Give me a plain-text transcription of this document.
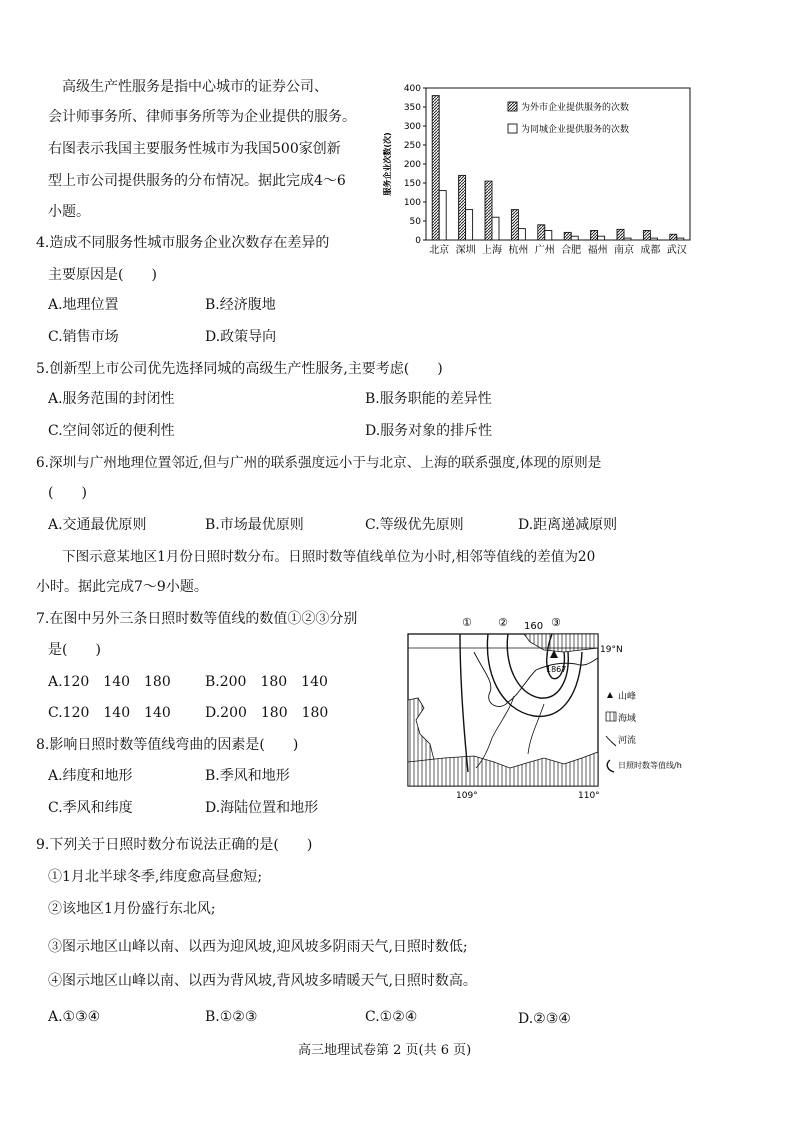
高级生产性服务是指中心城市的证券公司、
会计师事务所、律师事务所等为企业提供的服务。
右图表示我国主要服务性城市为我国500家创新
型上市公司提供服务的分布情况。据此完成4～6
小题。
0
50
100
150
200
250
300
350
400
服务企业次数(次)
北京 深圳 上海 杭州 广州 合肥 福州 南京 成都 武汉
为外市企业提供服务的次数
为同城企业提供服务的次数
4.造成不同服务性城市服务企业次数存在差异的
主要原因是(　　)
A.地理位置	B.经济腹地
C.销售市场	D.政策导向
5.创新型上市公司优先选择同城的高级生产性服务,主要考虑(　　)
A.服务范围的封闭性	B.服务职能的差异性
C.空间邻近的便利性	D.服务对象的排斥性
6.深圳与广州地理位置邻近,但与广州的联系强度远小于与北京、上海的联系强度,体现的原则是
(　　)
A.交通最优原则	B.市场最优原则	C.等级优先原则	D.距离递减原则
下图示意某地区1月份日照时数分布。日照时数等值线单位为小时,相邻等值线的差值为20
小时。据此完成7～9小题。
7.在图中另外三条日照时数等值线的数值①②③分别
是(　　)
A.120　140　180 B.200　180　140
C.120　140　140 D.200　180　180
1867
① ② 160 ③
19°N
109°	110°
山峰
海域
河流
日照时数等值线/h
8.影响日照时数等值线弯曲的因素是(　　)
A.纬度和地形	B.季风和地形
C.季风和纬度	D.海陆位置和地形
9.下列关于日照时数分布说法正确的是(　　)
①1月北半球冬季,纬度愈高昼愈短;
②该地区1月份盛行东北风;
③图示地区山峰以南、以西为迎风坡,迎风坡多阴雨天气,日照时数低;
④图示地区山峰以南、以西为背风坡,背风坡多晴暖天气,日照时数高。
A.①③④	B.①②③	C.①②④	D.②③④
高三地理试卷第 2 页(共 6 页)
